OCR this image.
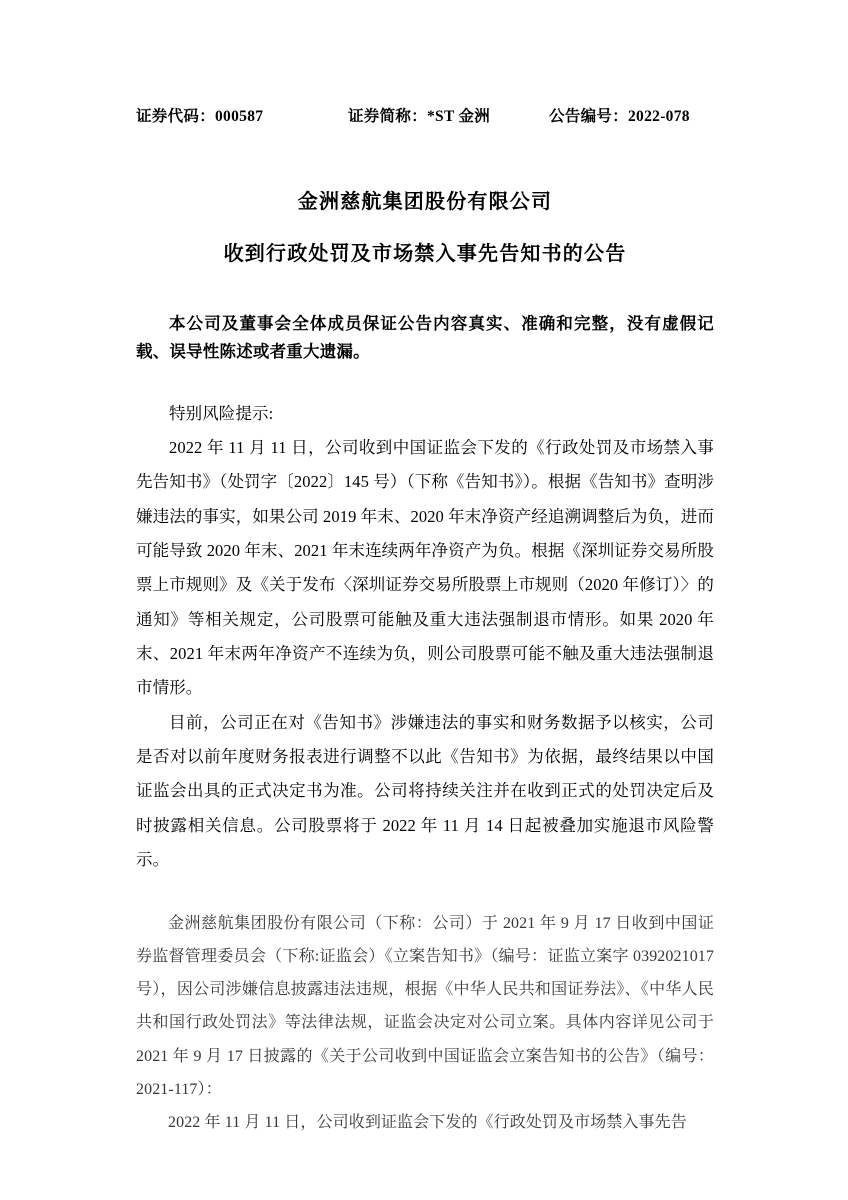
证券代码：000587	证券简称：*ST 金洲	公告编号：2022-078
金洲慈航集团股份有限公司
收到行政处罚及市场禁入事先告知书的公告
本公司及董事会全体成员保证公告内容真实、准确和完整，没有虚假记载、误导性陈述或者重大遗漏。

特别风险提示:

2022 年 11 月 11 日，公司收到中国证监会下发的《行政处罚及市场禁入事先告知书》（处罚字〔2022〕145 号）（下称《告知书》）。根据《告知书》查明涉嫌违法的事实，如果公司 2019 年末、2020 年末净资产经追溯调整后为负，进而可能导致 2020 年末、2021 年末连续两年净资产为负。根据《深圳证券交易所股票上市规则》及《关于发布〈深圳证券交易所股票上市规则（2020 年修订）〉的通知》等相关规定，公司股票可能触及重大违法强制退市情形。如果 2020 年末、2021 年末两年净资产不连续为负，则公司股票可能不触及重大违法强制退市情形。

目前，公司正在对《告知书》涉嫌违法的事实和财务数据予以核实，公司是否对以前年度财务报表进行调整不以此《告知书》为依据，最终结果以中国证监会出具的正式决定书为准。公司将持续关注并在收到正式的处罚决定后及时披露相关信息。公司股票将于 2022 年 11 月 14 日起被叠加实施退市风险警示。

金洲慈航集团股份有限公司（下称：公司）于 2021 年 9 月 17 日收到中国证券监督管理委员会（下称:证监会）《立案告知书》（编号：证监立案字 0392021017 号），因公司涉嫌信息披露违法违规，根据《中华人民共和国证券法》、《中华人民共和国行政处罚法》等法律法规，证监会决定对公司立案。具体内容详见公司于 2021 年 9 月 17 日披露的《关于公司收到中国证监会立案告知书的公告》（编号：2021-117）：

2022 年 11 月 11 日，公司收到证监会下发的《行政处罚及市场禁入事先告
